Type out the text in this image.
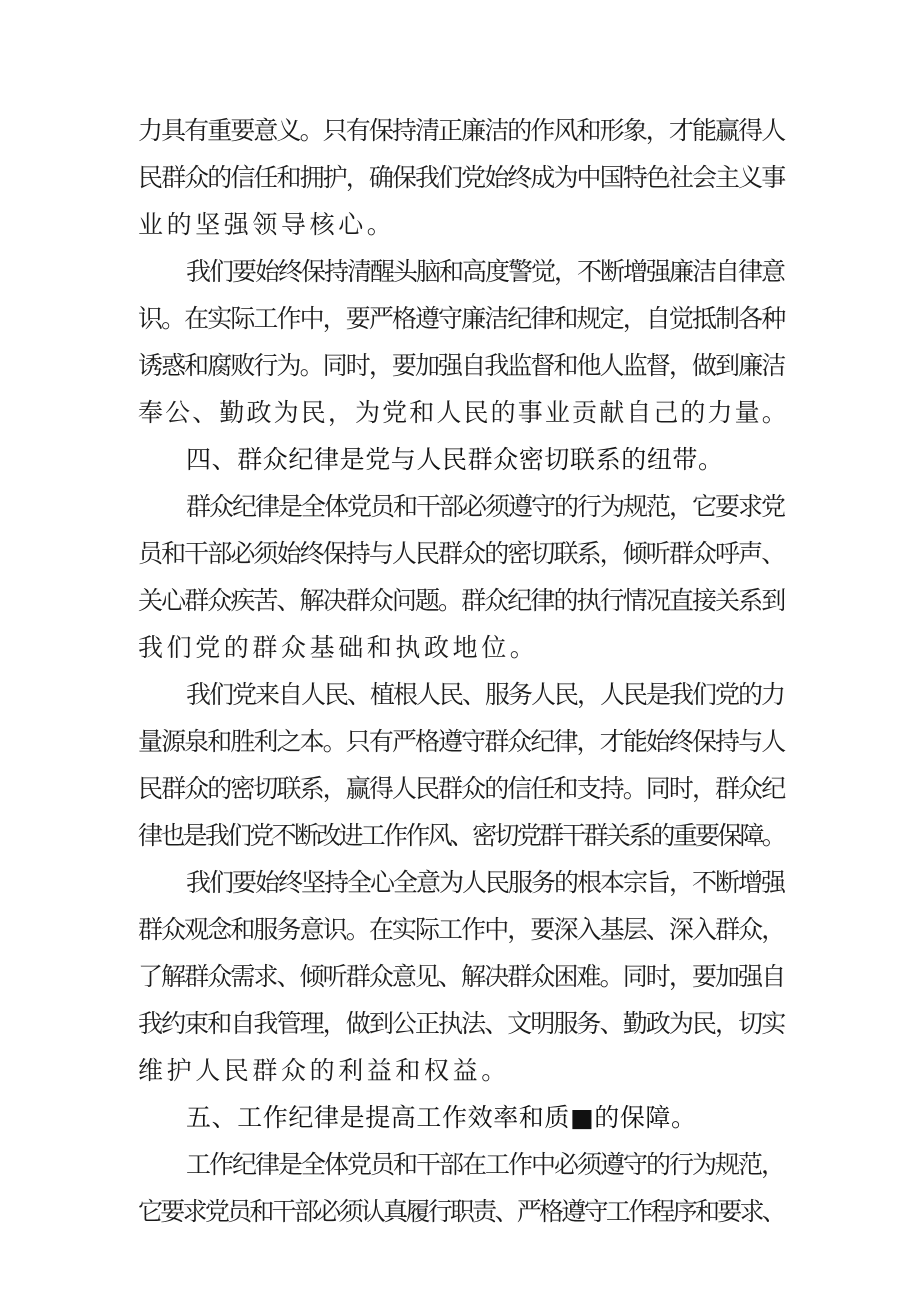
力具有重要意义。只有保持清正廉洁的作风和形象，才能赢得人
民群众的信任和拥护，确保我们党始终成为中国特色社会主义事
业的坚强领导核心。
我们要始终保持清醒头脑和高度警觉，不断增强廉洁自律意
识。在实际工作中，要严格遵守廉洁纪律和规定，自觉抵制各种
诱惑和腐败行为。同时，要加强自我监督和他人监督，做到廉洁
奉公、勤政为民，为党和人民的事业贡献自己的力量。
四、群众纪律是党与人民群众密切联系的纽带。
群众纪律是全体党员和干部必须遵守的行为规范，它要求党
员和干部必须始终保持与人民群众的密切联系，倾听群众呼声、
关心群众疾苦、解决群众问题。群众纪律的执行情况直接关系到
我们党的群众基础和执政地位。
我们党来自人民、植根人民、服务人民，人民是我们党的力
量源泉和胜利之本。只有严格遵守群众纪律，才能始终保持与人
民群众的密切联系，赢得人民群众的信任和支持。同时，群众纪
律也是我们党不断改进工作作风、密切党群干群关系的重要保障。
我们要始终坚持全心全意为人民服务的根本宗旨，不断增强
群众观念和服务意识。在实际工作中，要深入基层、深入群众，
了解群众需求、倾听群众意见、解决群众困难。同时，要加强自
我约束和自我管理，做到公正执法、文明服务、勤政为民，切实
维护人民群众的利益和权益。
五、工作纪律是提高工作效率和质■的保障。
工作纪律是全体党员和干部在工作中必须遵守的行为规范，
它要求党员和干部必须认真履行职责、严格遵守工作程序和要求、
